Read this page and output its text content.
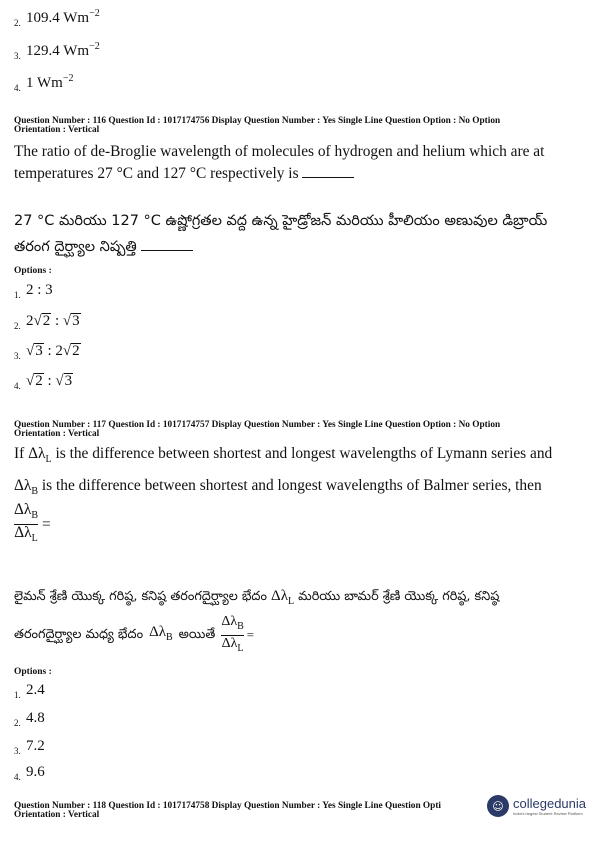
2. 109.4 $Wm^{-2}$
3. 129.4 $Wm^{-2}$
4. 1 $Wm^{-2}$
Question Number : 116 Question Id : 1017174756 Display Question Number : Yes Single Line Question Option : No Option
Orientation : Vertical
The ratio of de-Broglie wavelength of molecules of hydrogen and helium which are at
temperatures 27 °C and 127 °C respectively is
27 °C మరియు 127 °C ఉష్ణోగ్రతల వద్ద ఉన్న హైడ్రోజన్ మరియు హీలియం అణువుల డిబ్రాయ్
తరంగ దైర్ఘ్యాల నిష్పత్తి
Options :
1. 2 : 3
2. 2√ 2 : √ 3
3. √ 3 : 2√ 2
4. √ 2 : √ 3
Question Number : 117 Question Id : 1017174757 Display Question Number : Yes Single Line Question Option : No Option
Orientation : Vertical
If $\Delta\lambda_L$ is the difference between shortest and longest wavelengths of Lymann series and
$\Delta\lambda_B$ is the difference between shortest and longest wavelengths of Balmer series, then
$\frac{\Delta\lambda_B}{\Delta\lambda_L}$ =
లైమన్ శ్రేణి యొక్క గరిష్ఠ, కనిష్ఠ తరంగదైర్ఘ్యాల భేదం $\Delta\lambda_L$ మరియు బామర్ శ్రేణి యొక్క గరిష్ఠ, కనిష్ఠ
తరంగదైర్ఘ్యాల మధ్య భేదం $\Delta\lambda_B$ అయితే $\frac{\Delta\lambda_B}{\Delta\lambda_L}$ =
Options :
1. 2.4
2. 4.8
3. 7.2
4. 9.6
Question Number : 118 Question Id : 1017174758 Display Question Number : Yes Single Line Question Opti
Orientation : Vertical
☺ collegedunia
India's largest Student Review Platform
